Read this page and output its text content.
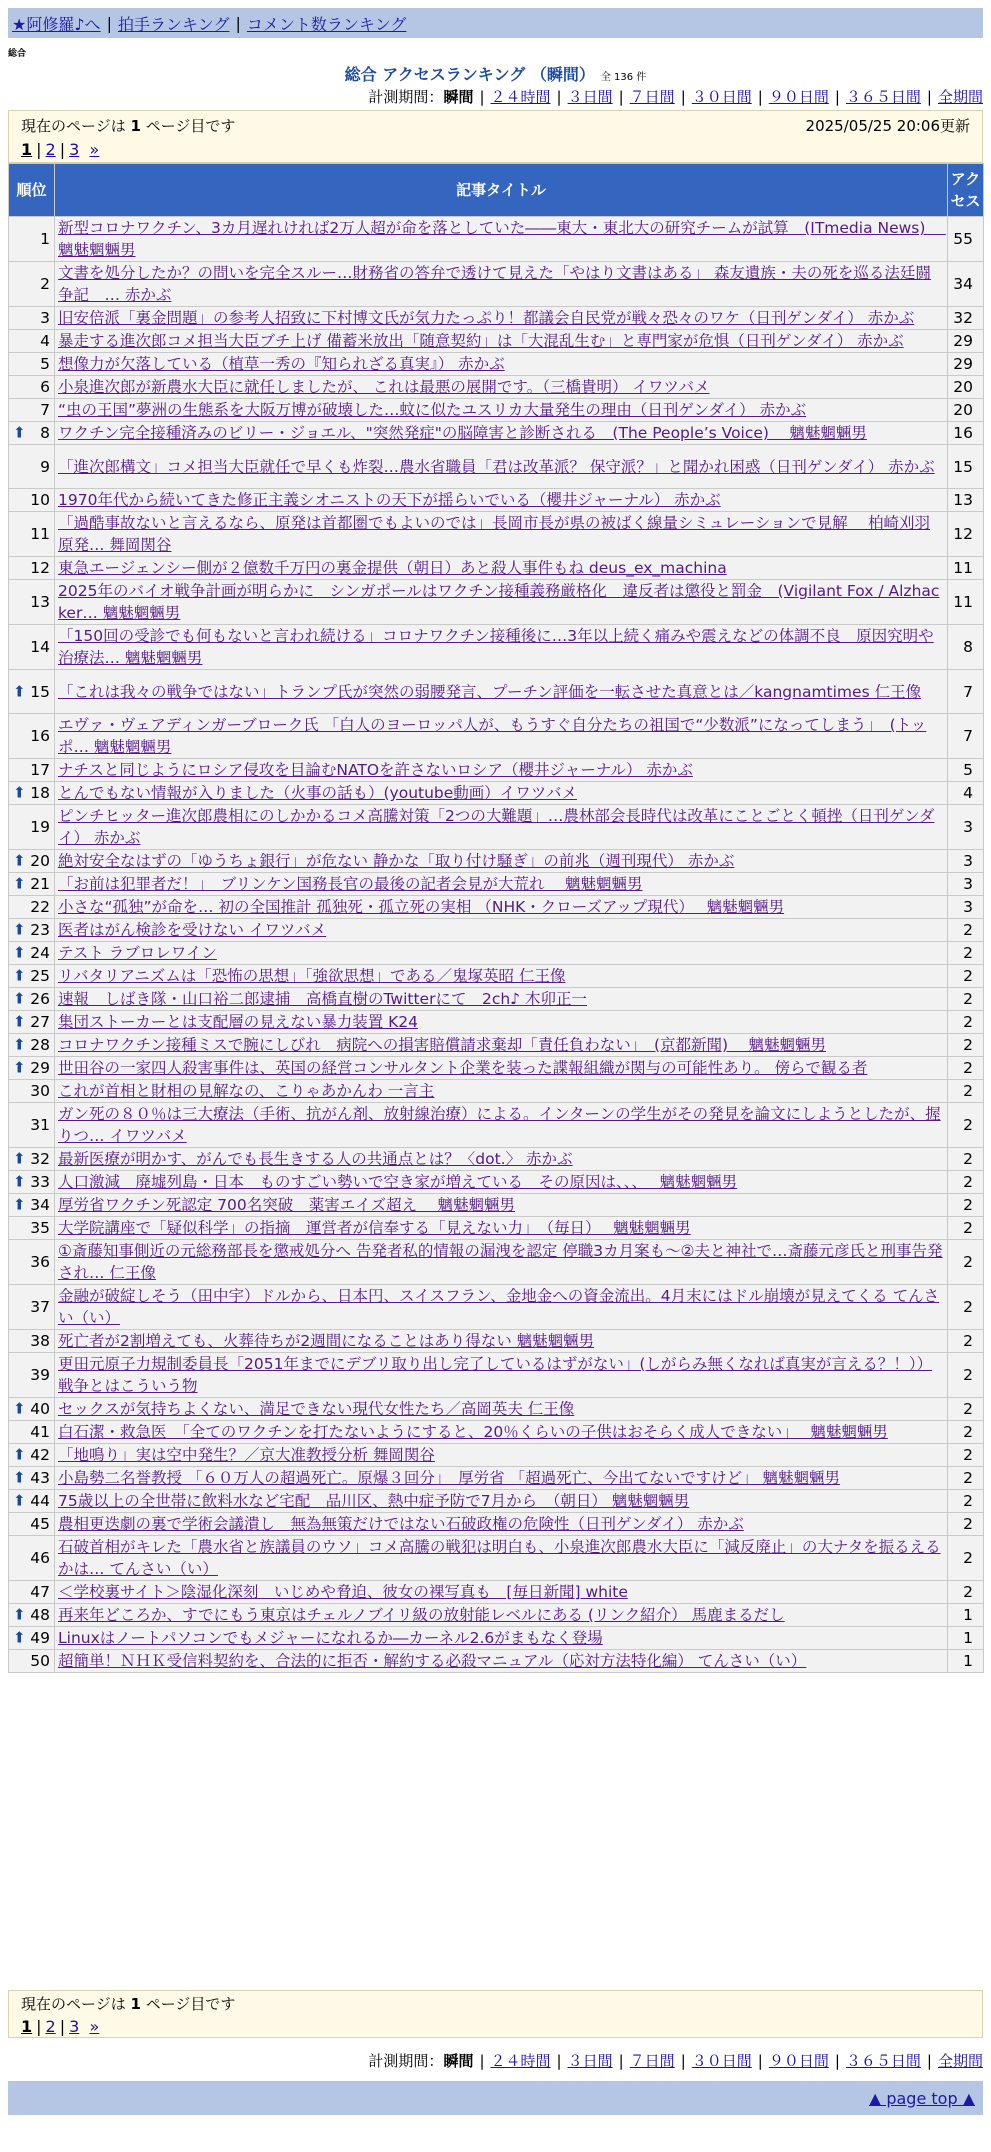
★阿修羅♪へ | 拍手ランキング | コメント数ランキング
総合
総合 アクセスランキング （瞬間） 全 136 件
計測期間：瞬間 | ２４時間 | ３日間 | ７日間 | ３０日間 | ９０日間 | ３６５日間 | 全期間
現在のページは 1 ページ目です	2025/05/25 20:06更新
1 | 2 | 3
»
順位	記事タイトル	アクセス
1	新型コロナワクチン、3カ月遅れければ2万人超が命を落としていた――東大・東北大の研究チームが試算　(ITmedia News)　 魑魅魍魎男	55
2	文書を処分したか？の問いを完全スルー…財務省の答弁で透けて見えた「やはり文書はある」 森友遺族・夫の死を巡る法廷闘争記　… 赤かぶ	34
3	旧安倍派「裏金問題」の参考人招致に下村博文氏が気力たっぷり！都議会自民党が戦々恐々のワケ（日刊ゲンダイ） 赤かぶ	32
4	暴走する進次郎コメ担当大臣ブチ上げ 備蓄米放出「随意契約」は「大混乱生む」と専門家が危惧（日刊ゲンダイ） 赤かぶ	29
5	想像力が欠落している（植草一秀の『知られざる真実』） 赤かぶ	29
6	小泉進次郎が新農水大臣に就任しましたが、 これは最悪の展開です。（三橋貴明） イワツバメ	20
7	“虫の王国”夢洲の生態系を大阪万博が破壊した…蚊に似たユスリカ大量発生の理由（日刊ゲンダイ） 赤かぶ	20

⬆ 8	ワクチン完全接種済みのビリー・ジョエル、"突然発症"の脳障害と診断される　(The People’s Voice)　 魑魅魍魎男	16
9	「進次郎構文」コメ担当大臣就任で早くも炸裂…農水省職員「君は改革派？ 保守派？」と聞かれ困惑（日刊ゲンダイ） 赤かぶ	15
10	1970年代から続いてきた修正主義シオニストの天下が揺らいでいる（櫻井ジャーナル） 赤かぶ	13
11	「過酷事故ないと言えるなら、原発は首都圏でもよいのでは」長岡市長が県の被ばく線量シミュレーションで見解　 柏崎刈羽原発… 舞岡関谷	12
12	東急エージェンシー側が２億数千万円の裏金提供（朝日）あと殺人事件もね deus_ex_machina	11
13	2025年のバイオ戦争計画が明らかに　シンガポールはワクチン接種義務厳格化　違反者は懲役と罰金　(Vigilant Fox / Alzhacker… 魑魅魍魎男	11
14	「150回の受診でも何もないと言われ続ける」コロナワクチン接種後に…3年以上続く痛みや震えなどの体調不良　原因究明や治療法… 魑魅魍魎男	8

⬆ 15	「これは我々の戦争ではない」トランプ氏が突然の弱腰発言、プーチン評価を一転させた真意とは／kangnamtimes 仁王像	7
16	エヴァ・ヴェアディンガーブローク氏 「白人のヨーロッパ人が、もうすぐ自分たちの祖国で“少数派”になってしまう」　(トッポ… 魑魅魍魎男	7
17	ナチスと同じようにロシア侵攻を目論むNATOを許さないロシア（櫻井ジャーナル） 赤かぶ	5

⬆ 18	とんでもない情報が入りました（火事の話も）(youtube動画）イワツバメ	4
19	ピンチヒッター進次郎農相にのしかかるコメ高騰対策「2つの大難題」…農林部会長時代は改革にことごとく頓挫（日刊ゲンダイ） 赤かぶ	3

⬆ 20	絶対安全なはずの「ゆうちょ銀行」が危ない 静かな「取り付け騒ぎ」の前兆（週刊現代） 赤かぶ	3

⬆ 21	「お前は犯罪者だ！」　ブリンケン国務長官の最後の記者会見が大荒れ　 魑魅魍魎男	3
22	小さな“孤独”が命を… 初の全国推計 孤独死・孤立死の実相 （NHK・クローズアップ現代）　 魑魅魍魎男	3

⬆ 23	医者はがん検診を受けない イワツバメ	2

⬆ 24	テスト ラブロレワイン	2

⬆ 25	リバタリアニズムは「恐怖の思想」「強欲思想」である／鬼塚英昭 仁王像	2

⬆ 26	速報　しばき隊・山口裕二郎逮捕　高橋直樹のTwitterにて　2ch♪ 木卯正一	2

⬆ 27	集団ストーカーとは支配層の見えない暴力装置 K24	2

⬆ 28	コロナワクチン接種ミスで腕にしびれ　病院への損害賠償請求棄却「責任負わない」　(京都新聞)　 魑魅魍魎男	2

⬆ 29	世田谷の一家四人殺害事件は、英国の経営コンサルタント企業を装った諜報組織が関与の可能性あり。 傍らで観る者	2
30	これが首相と財相の見解なの、こりゃあかんわ 一言主	2
31	ガン死の８０％は三大療法（手術、抗がん剤、放射線治療）による。インターンの学生がその発見を論文にしようとしたが、握りつ… イワツバメ	2

⬆ 32	最新医療が明かす、がんでも長生きする人の共通点とは？〈dot.〉 赤かぶ	2

⬆ 33	人口激減　廃墟列島・日本　ものすごい勢いで空き家が増えている　その原因は、、、　 魑魅魍魎男	2

⬆ 34	厚労省ワクチン死認定 700名突破　薬害エイズ超え　 魑魅魍魎男	2
35	大学院講座で「疑似科学」の指摘　運営者が信奉する「見えない力」　（毎日）　 魑魅魍魎男	2
36	①斎藤知事側近の元総務部長を懲戒処分へ 告発者私的情報の漏洩を認定 停職3カ月案も～②夫と神社で…斎藤元彦氏と刑事告発され… 仁王像	2
37	金融が破綻しそう（田中宇）ドルから、日本円、スイスフラン、金地金への資金流出。4月末にはドル崩壊が見えてくる てんさい（い）	2
38	死亡者が2割増えても、火葬待ちが2週間になることはあり得ない 魑魅魍魎男	2
39	更田元原子力規制委員長「2051年までにデブリ取り出し完了しているはずがない」(しがらみ無くなれば真実が言える？！）） 戦争とはこういう物	2

⬆ 40	セックスが気持ちよくない、満足できない現代女性たち／高岡英夫 仁王像	2
41	白石潔・救急医　「全てのワクチンを打たないようにすると、20％くらいの子供はおそらく成人できない」　 魑魅魍魎男	2

⬆ 42	「地鳴り」実は空中発生？／京大准教授分析 舞岡関谷	2

⬆ 43	小島勢二名誉教授 「６０万人の超過死亡。原爆３回分」　厚労省 「超過死亡、今出てないですけど」 魑魅魍魎男	2

⬆ 44	75歳以上の全世帯に飲料水など宅配　品川区、熱中症予防で7月から　（朝日） 魑魅魍魎男	2
45	農相更迭劇の裏で学術会議潰し　無為無策だけではない石破政権の危険性（日刊ゲンダイ） 赤かぶ	2
46	石破首相がキレた「農水省と族議員のウソ」コメ高騰の戦犯は明白も、小泉進次郎農水大臣に「減反廃止」の大ナタを振るえるかは… てんさい（い）	2
47	＜学校裏サイト＞陰湿化深刻　いじめや脅迫、彼女の裸写真も　[毎日新聞] white	2

⬆ 48	再来年どころか、すでにもう東京はチェルノブイリ級の放射能レベルにある (リンク紹介） 馬鹿まるだし	1

⬆ 49	Linuxはノートパソコンでもメジャーになれるか―カーネル2.6がまもなく登場	1
50	超簡単！ＮＨＫ受信料契約を、合法的に拒否・解約する必殺マニュアル（応対方法特化編） てんさい（い）	1
現在のページは 1 ページ目です
1 | 2 | 3
»
計測期間：瞬間 | ２４時間 | ３日間 | ７日間 | ３０日間 | ９０日間 | ３６５日間 | 全期間
▲ page top ▲
